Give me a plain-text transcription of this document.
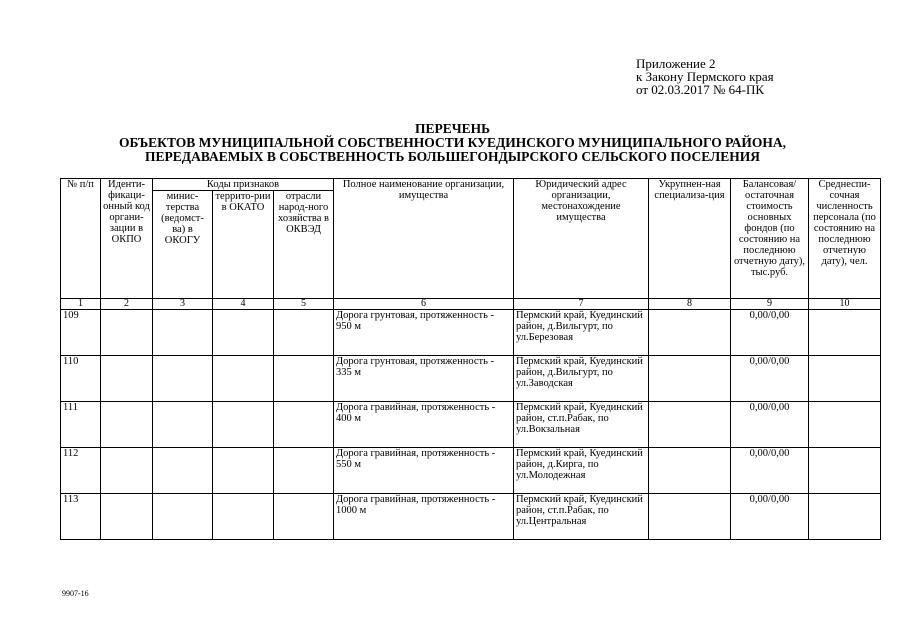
Приложение 2
к Закону Пермского края
от 02.03.2017 № 64-ПК
ПЕРЕЧЕНЬ
ОБЪЕКТОВ МУНИЦИПАЛЬНОЙ СОБСТВЕННОСТИ КУЕДИНСКОГО МУНИЦИПАЛЬНОГО РАЙОНА,
ПЕРЕДАВАЕМЫХ В СОБСТВЕННОСТЬ БОЛЬШЕГОНДЫРСКОГО СЕЛЬСКОГО ПОСЕЛЕНИЯ
№ п/п	Иденти-фикаци-онный код органи-зации в ОКПО	Коды признаков			Полное наименование организации, имущества	Юридический адрес организации, местонахождение имущества	Укрупнен-ная специализа-ция	Балансовая/ остаточная стоимость основных фондов (по состоянию на последнюю отчетную дату), тыс.руб.	Среднеспи-сочная численность персонала (по состоянию на последнюю отчетную дату), чел.
		минис-терства (ведомст-ва) в ОКОГУ	террито-рии в ОКАТО	отрасли народ-ного хозяйства в ОКВЭД					
1	2	3	4	5	6	7	8	9	10
109					Дорога грунтовая, протяженность - 950 м	Пермский край, Куединский район, д.Вильгурт, по ул.Березовая		0,00/0,00	
110					Дорога грунтовая, протяженность - 335 м	Пермский край, Куединский район, д.Вильгурт, по ул.Заводская		0,00/0,00	
111					Дорога гравийная, протяженность - 400 м	Пермский край, Куединский район, ст.п.Рабак, по ул.Вокзальная		0,00/0,00	
112					Дорога гравийная, протяженность - 550 м	Пермский край, Куединский район, д.Кирга, по ул.Молодежная		0,00/0,00	
113					Дорога гравийная, протяженность - 1000 м	Пермский край, Куединский район, ст.п.Рабак, по ул.Центральная		0,00/0,00	
9907-16
